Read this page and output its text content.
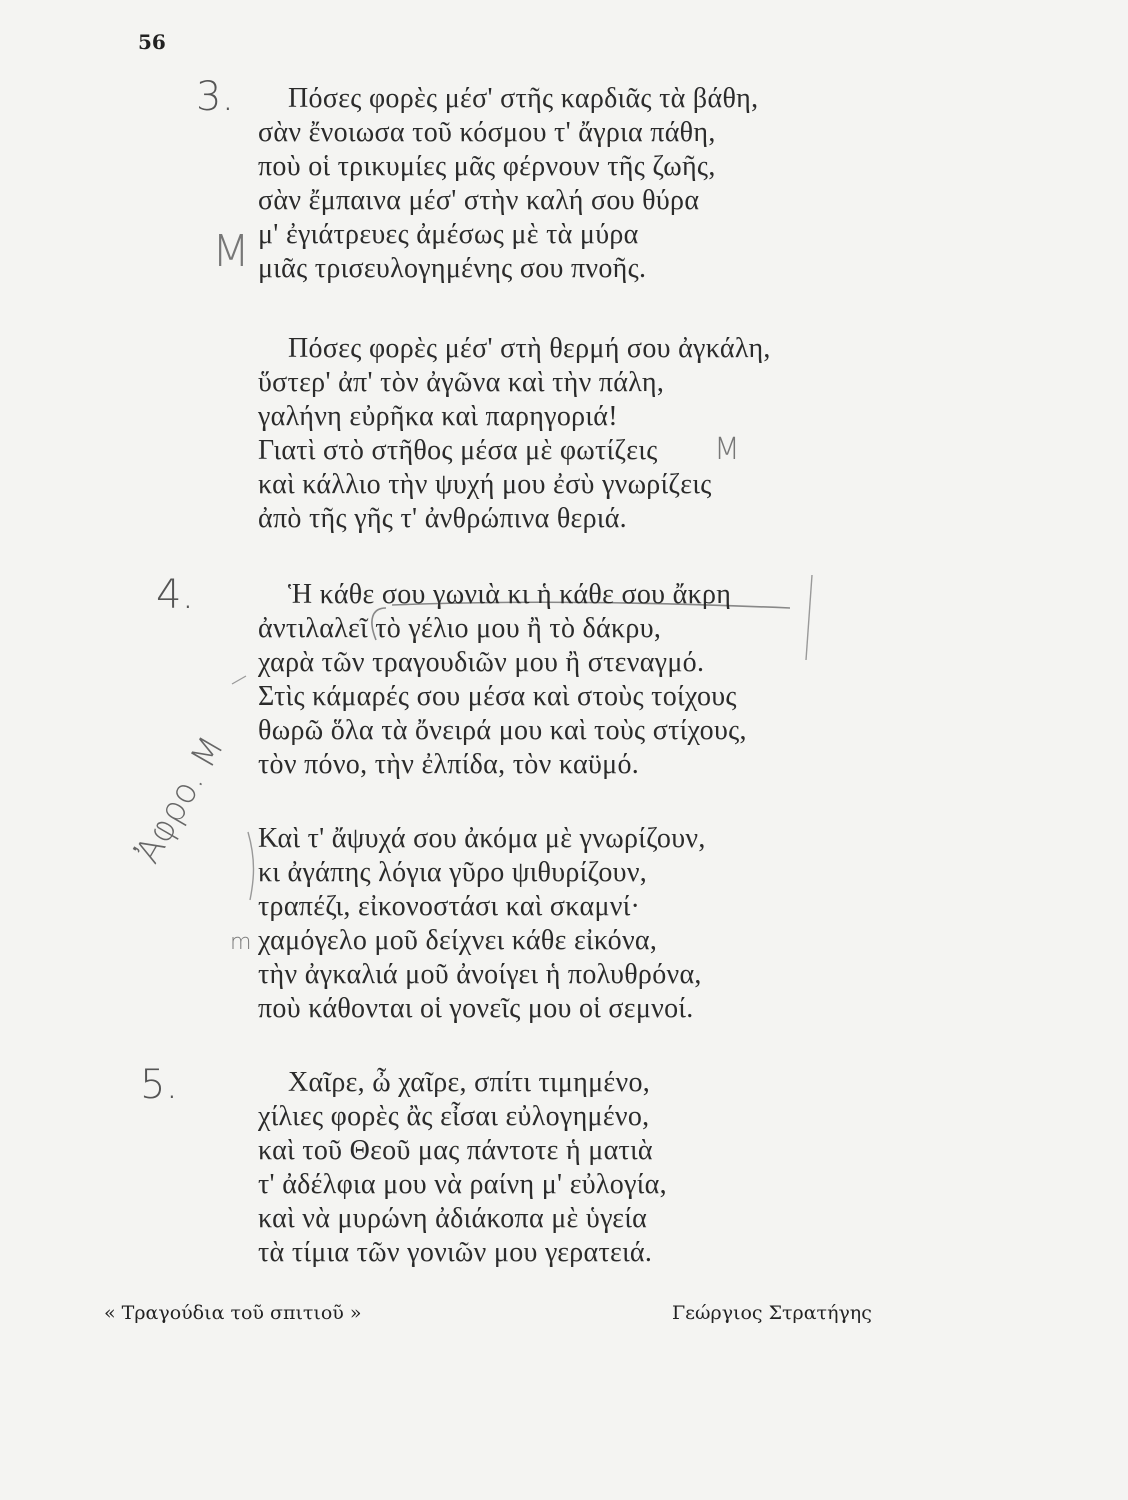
56
3.
M
M
4.
Ἀφρο. M
m
5.
Πόσες φορὲς μέσ' στῆς καρδιᾶς τὰ βάθη,
σὰν ἔνοιωσα τοῦ κόσμου τ' ἄγρια πάθη,
ποὺ οἱ τρικυμίες μᾶς φέρνουν τῆς ζωῆς,
σὰν ἔμπαινα μέσ' στὴν καλή σου θύρα
μ' ἐγιάτρευες ἀμέσως μὲ τὰ μύρα
μιᾶς τρισευλογημένης σου πνοῆς.
Πόσες φορὲς μέσ' στὴ θερμή σου ἀγκάλη,
ὕστερ' ἀπ' τὸν ἀγῶνα καὶ τὴν πάλη,
γαλήνη εὐρῆκα καὶ παρηγοριά!
Γιατὶ στὸ στῆθος μέσα μὲ φωτίζεις
καὶ κάλλιο τὴν ψυχή μου ἐσὺ γνωρίζεις
ἀπὸ τῆς γῆς τ' ἀνθρώπινα θεριά.
Ἡ κάθε σου γωνιὰ κι ἡ κάθε σου ἄκρη
ἀντιλαλεῖ τὸ γέλιο μου ἢ τὸ δάκρυ,
χαρὰ τῶν τραγουδιῶν μου ἢ στεναγμό.
Στὶς κάμαρές σου μέσα καὶ στοὺς τοίχους
θωρῶ ὅλα τὰ ὄνειρά μου καὶ τοὺς στίχους,
τὸν πόνο, τὴν ἐλπίδα, τὸν καϋμό.
Καὶ τ' ἄψυχά σου ἀκόμα μὲ γνωρίζουν,
κι ἀγάπης λόγια γῦρο ψιθυρίζουν,
τραπέζι, εἰκονοστάσι καὶ σκαμνί·
χαμόγελο μοῦ δείχνει κάθε εἰκόνα,
τὴν ἀγκαλιά μοῦ ἀνοίγει ἡ πολυθρόνα,
ποὺ κάθονται οἱ γονεῖς μου οἱ σεμνοί.
Χαῖρε, ὦ χαῖρε, σπίτι τιμημένο,
χίλιες φορὲς ἂς εἶσαι εὐλογημένο,
καὶ τοῦ Θεοῦ μας πάντοτε ἡ ματιὰ
τ' ἀδέλφια μου νὰ ραίνη μ' εὐλογία,
καὶ νὰ μυρώνη ἀδιάκοπα μὲ ὑγεία
τὰ τίμια τῶν γονιῶν μου γερατειά.
« Τραγούδια τοῦ σπιτιοῦ »	Γεώργιος Στρατήγης
